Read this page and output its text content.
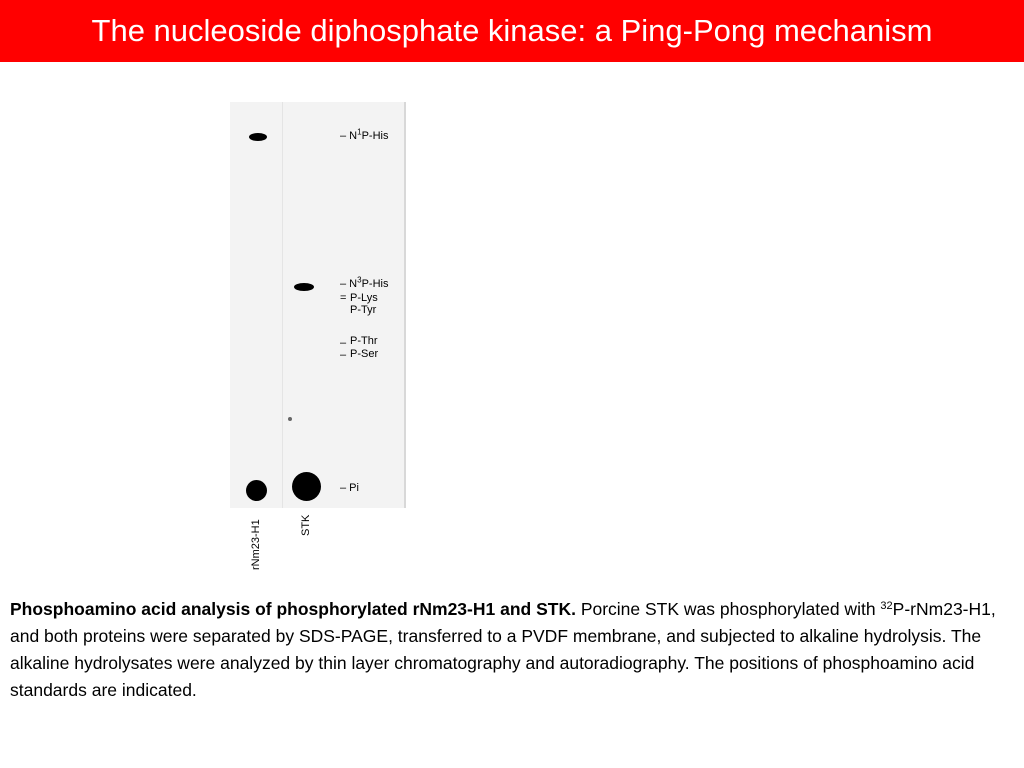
The nucleoside diphosphate kinase: a Ping-Pong mechanism
– $N^1P$-His
– $N^3P$-His
= P-Lys
P-Tyr
–
–
P-Thr
P-Ser
– Pi
rNm23-H1	STK
Phosphoamino acid analysis of phosphorylated rNm23-H1 and STK. Porcine STK was phosphorylated with $^{32}$P-rNm23-H1, and both proteins were separated by SDS-PAGE, transferred to a PVDF membrane, and subjected to alkaline hydrolysis. The alkaline hydrolysates were analyzed by thin layer chromatography and autoradiography. The positions of phosphoamino acid standards are indicated.
